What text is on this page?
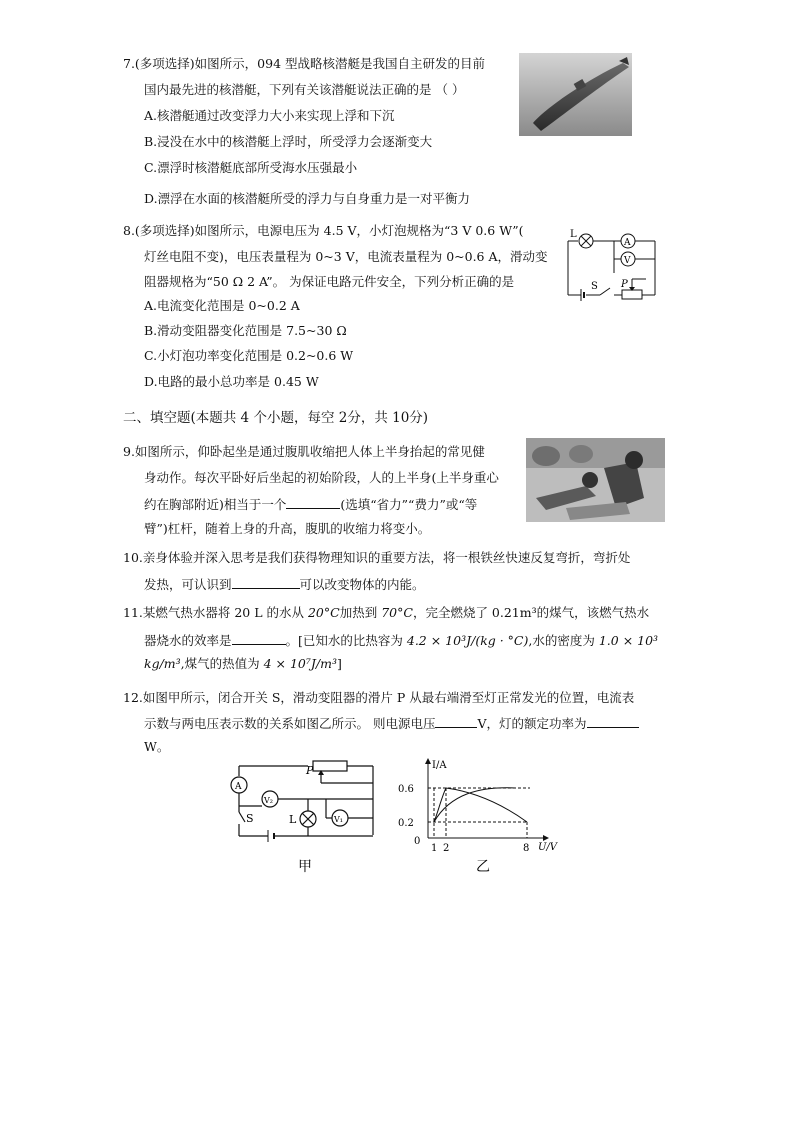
7.(多项选择)如图所示，094 型战略核潜艇是我国自主研发的目前
国内最先进的核潜艇，下列有关该潜艇说法正确的是 （ ）
A.核潜艇通过改变浮力大小来实现上浮和下沉
B.浸没在水中的核潜艇上浮时，所受浮力会逐渐变大
C.漂浮时核潜艇底部所受海水压强最小
D.漂浮在水面的核潜艇所受的浮力与自身重力是一对平衡力
8.(多项选择)如图所示，电源电压为 4.5 V，小灯泡规格为“3 V 0.6 W”(
灯丝电阻不变)，电压表量程为 0~3 V，电流表量程为 0~0.6 A，滑动变
阻器规格为“50 Ω 2 A”。 为保证电路元件安全，下列分析正确的是
A.电流变化范围是 0~0.2 A
B.滑动变阻器变化范围是 7.5~30 Ω
C.小灯泡功率变化范围是 0.2~0.6 W
D.电路的最小总功率是 0.45 W
L
A
V
S P
二、填空题(本题共 4 个小题，每空 2分，共 10分)
9.如图所示，仰卧起坐是通过腹肌收缩把人体上半身抬起的常见健
身动作。每次平卧好后坐起的初始阶段，人的上半身(上半身重心
约在胸部附近)相当于一个	(选填“省力”“费力”或“等
臂”)杠杆，随着上身的升高，腹肌的收缩力将变小。
10.亲身体验并深入思考是我们获得物理知识的重要方法，将一根铁丝快速反复弯折，弯折处
发热，可认识到	可以改变物体的内能。
11.某燃气热水器将 20 L 的水从 20°C加热到 70°C，完全燃烧了 0.21m³的煤气，该燃气热水
器烧水的效率是	。[已知水的比热容为 4.2 × 10³J/(kg · °C),水的密度为 1.0 × 10³
kg/m³,煤气的热值为 4 × 10⁷J/m³]
12.如图甲所示，闭合开关 S，滑动变阻器的滑片 P 从最右端滑至灯正常发光的位置，电流表
示数与两电压表示数的关系如图乙所示。 则电源电压	V，灯的额定功率为
W。
A
V₂
V₁
L
S
P
甲
I/A
U/V
0.6
0.2
0
1 2	8
乙
